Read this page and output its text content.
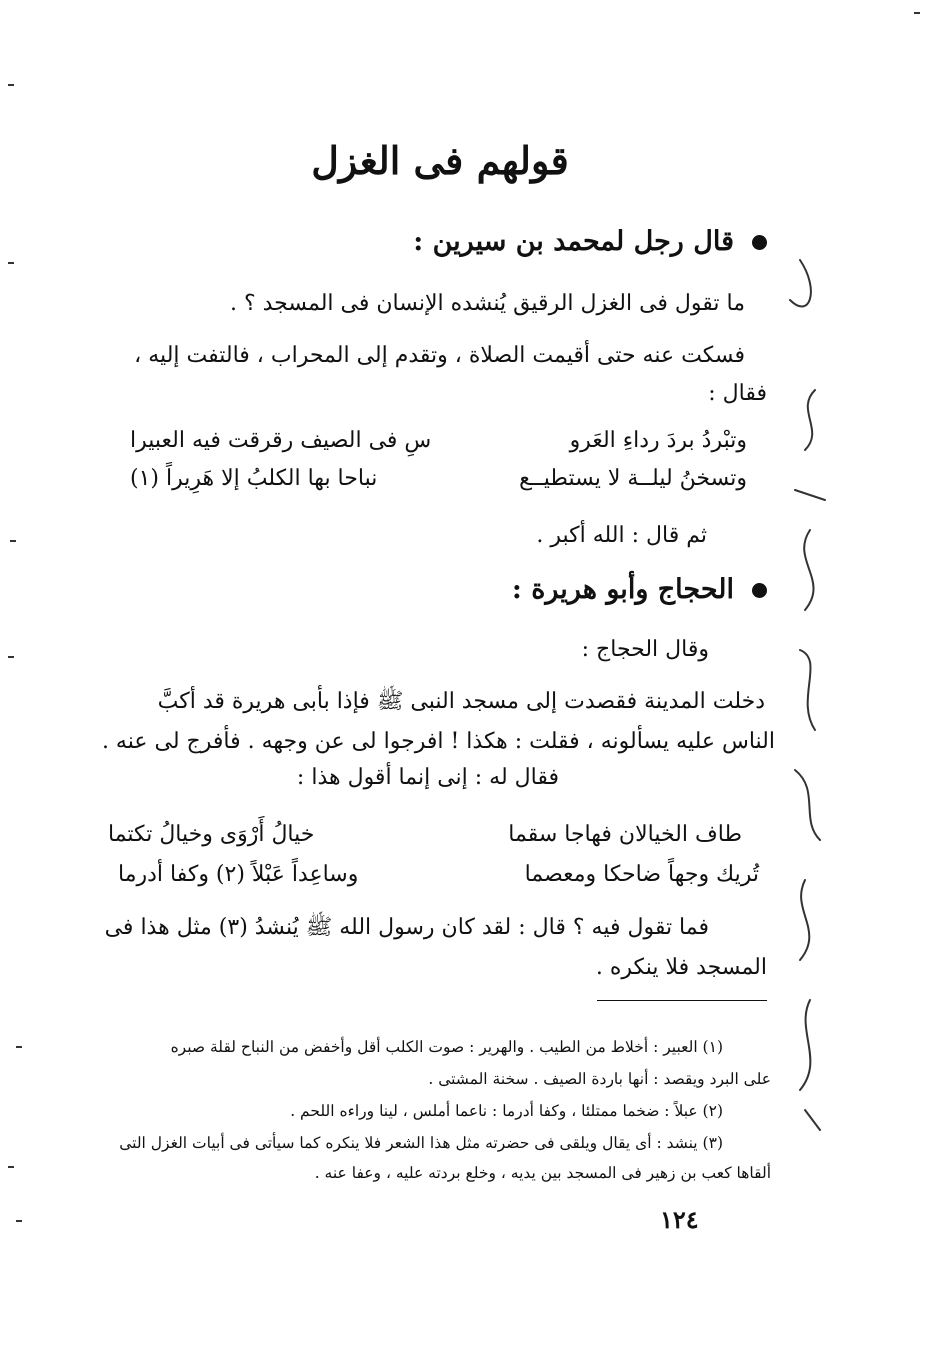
قولهم فى الغزل
قال رجل لمحمد بن سيرين :
ما تقول فى الغزل الرقيق يُنشده الإنسان فى المسجد ؟ .
فسكت عنه حتى أقيمت الصلاة ، وتقدم إلى المحراب ، فالتفت إليه ،
فقال :
وتبْردُ بردَ رداءِ العَرو
سِ فى الصيف رقرقت فيه العبيرا
وتسخنُ ليلــة لا يستطيــع
نباحا بها الكلبُ إلا هَرِيراً (١)
ثم قال : الله أكبر .
الحجاج وأبو هريرة :
وقال الحجاج :
دخلت المدينة فقصدت إلى مسجد النبى ﷺ فإذا بأبى هريرة قد أكبَّ
الناس عليه يسألونه ، فقلت : هكذا ! افرجوا لى عن وجهه . فأفرج لى عنه .
فقال له : إنى إنما أقول هذا :
طاف الخيالان فهاجا سقما
خيالُ أَرْوَى وخيالُ تكتما
تُريك وجهاً ضاحكا ومعصما
وساعِداً عَبْلاً (٢) وكفا أدرما
فما تقول فيه ؟ قال : لقد كان رسول الله ﷺ يُنشدُ (٣) مثل هذا فى
المسجد فلا ينكره .
(١) العبير : أخلاط من الطيب . والهرير : صوت الكلب أقل وأخفض من النباح لقلة صبره
على البرد ويقصد : أنها باردة الصيف . سخنة المشتى .
(٢) عبلاً : ضخما ممتلئا ، وكفا أدرما : ناعما أملس ، لينا وراءه اللحم .
(٣) ينشد : أى يقال ويلقى فى حضرته مثل هذا الشعر فلا ينكره كما سيأتى فى أبيات الغزل التى
ألقاها كعب بن زهير فى المسجد بين يديه ، وخلع بردته عليه ، وعفا عنه .
١٢٤
